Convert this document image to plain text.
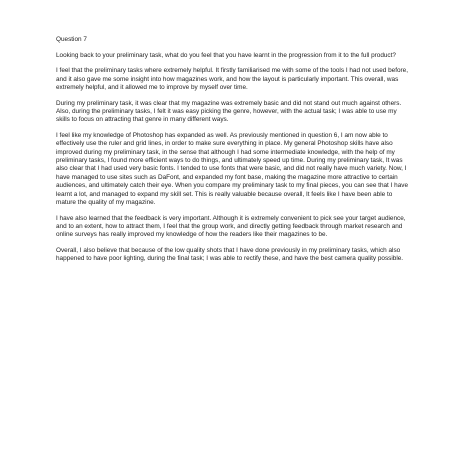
Question 7

Looking back to your preliminary task, what do you feel that you have learnt in the progression from it to the full product?

I feel that the preliminary tasks where extremely helpful. It firstly familiarised me with some of the tools I had not used before, and it also gave me some insight into how magazines work, and how the layout is particularly important. This overall, was extremely helpful, and it allowed me to improve by myself over time.

During my preliminary task, it was clear that my magazine was extremely basic and did not stand out much against others. Also, during the preliminary tasks, I felt it was easy picking the genre, however, with the actual task; I was able to use my skills to focus on attracting that genre in many different ways.

I feel like my knowledge of Photoshop has expanded as well. As previously mentioned in question 6, I am now able to effectively use the ruler and grid lines, in order to make sure everything in place. My general Photoshop skills have also improved during my preliminary task, in the sense that although I had some intermediate knowledge, with the help of my preliminary tasks, I found more efficient ways to do things, and ultimately speed up time. During my preliminary task, It was also clear that I had used very basic fonts. I tended to use fonts that were basic, and did not really have much variety. Now, I have managed to use sites such as DaFont, and expanded my font base, making the magazine more attractive to certain audiences, and ultimately catch their eye. When you compare my preliminary task to my final pieces, you can see that I have learnt a lot, and managed to expand my skill set. This is really valuable because overall, It feels like I have been able to mature the quality of my magazine.

I have also learned that the feedback is very important. Although it is extremely convenient to pick see your target audience, and to an extent, how to attract them, I feel that the group work, and directly getting feedback through market research and online surveys has really improved my knowledge of how the readers like their magazines to be.

Overall, I also believe that because of the low quality shots that I have done previously in my preliminary tasks, which also happened to have poor lighting, during the final task; I was able to rectify these, and have the best camera quality possible.
